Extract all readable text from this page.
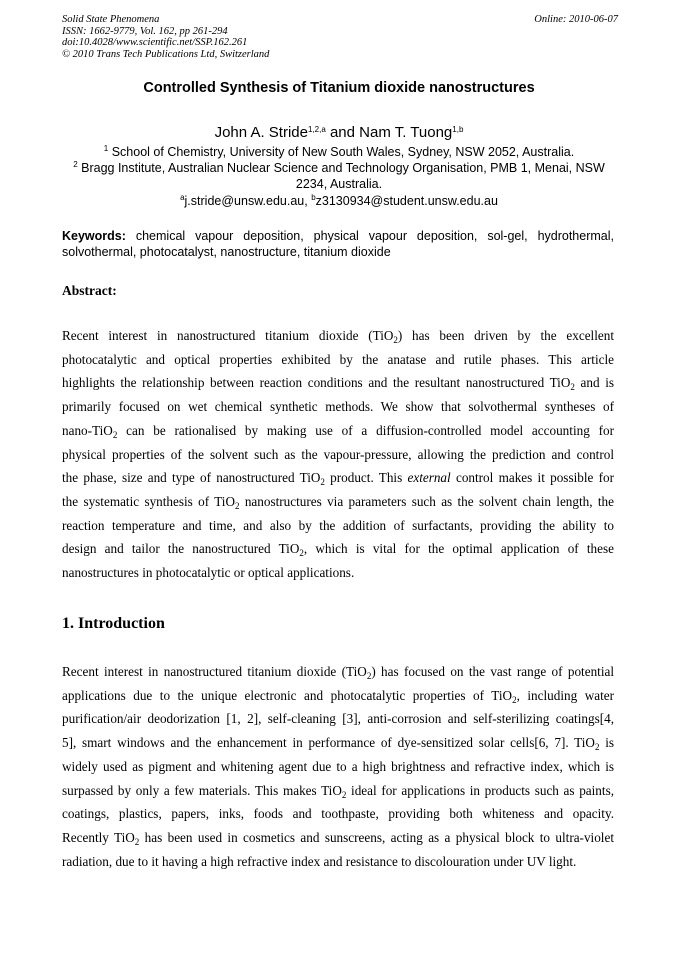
Solid State Phenomena
ISSN: 1662-9779, Vol. 162, pp 261-294
doi:10.4028/www.scientific.net/SSP.162.261
© 2010 Trans Tech Publications Ltd, Switzerland
Online: 2010-06-07
Controlled Synthesis of Titanium dioxide nanostructures
John A. Stride$^{1,2,a}$ and Nam T. Tuong$^{1,b}$
$^1$ School of Chemistry, University of New South Wales, Sydney, NSW 2052, Australia.
$^2$ Bragg Institute, Australian Nuclear Science and Technology Organisation, PMB 1, Menai, NSW
2234, Australia.
$^a$j.stride@unsw.edu.au, $^b$z3130934@student.unsw.edu.au
Keywords: chemical vapour deposition, physical vapour deposition, sol-gel, hydrothermal, solvothermal, photocatalyst, nanostructure, titanium dioxide
Abstract:
Recent interest in nanostructured titanium dioxide (TiO$_2$) has been driven by the excellent
photocatalytic and optical properties exhibited by the anatase and rutile phases. This article
highlights the relationship between reaction conditions and the resultant nanostructured TiO$_2$ and is
primarily focused on wet chemical synthetic methods. We show that solvothermal syntheses of
nano-TiO$_2$ can be rationalised by making use of a diffusion-controlled model accounting for
physical properties of the solvent such as the vapour-pressure, allowing the prediction and control
the phase, size and type of nanostructured TiO$_2$ product. This external control makes it possible for
the systematic synthesis of TiO$_2$ nanostructures via parameters such as the solvent chain length, the
reaction temperature and time, and also by the addition of surfactants, providing the ability to
design and tailor the nanostructured TiO$_2$, which is vital for the optimal application of these
nanostructures in photocatalytic or optical applications.
1. Introduction
Recent interest in nanostructured titanium dioxide (TiO$_2$) has focused on the vast range of potential
applications due to the unique electronic and photocatalytic properties of TiO$_2$, including water
purification/air deodorization [1, 2], self-cleaning [3], anti-corrosion and self-sterilizing coatings[4,
5], smart windows and the enhancement in performance of dye-sensitized solar cells[6, 7]. TiO$_2$ is
widely used as pigment and whitening agent due to a high brightness and refractive index, which is
surpassed by only a few materials. This makes TiO$_2$ ideal for applications in products such as paints,
coatings, plastics, papers, inks, foods and toothpaste, providing both whiteness and opacity.
Recently TiO$_2$ has been used in cosmetics and sunscreens, acting as a physical block to ultra-violet
radiation, due to it having a high refractive index and resistance to discolouration under UV light.
